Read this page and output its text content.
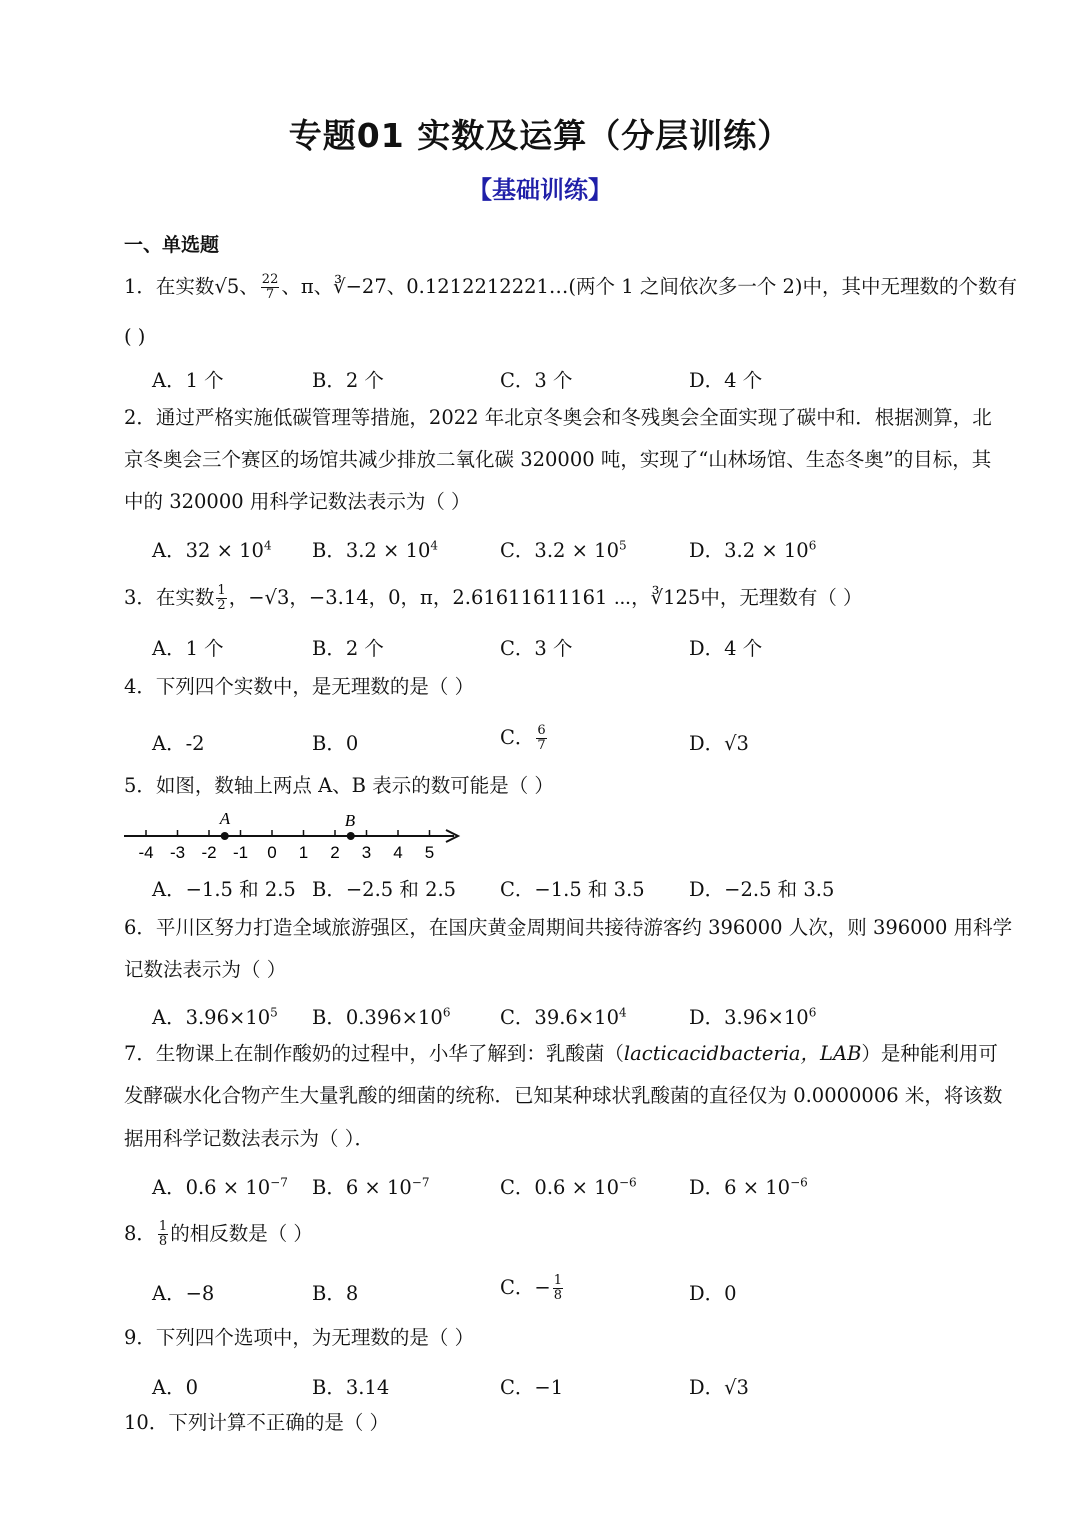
专题01 实数及运算（分层训练）
【基础训练】
一、单选题
1．在实数√5、 $\frac{22}{7}$ 、π、∛−27、0.1212212221…(两个 1 之间依次多一个 2)中，其中无理数的个数有
( )
A．1 个	B．2 个	C．3 个	D．4 个
2．通过严格实施低碳管理等措施，2022 年北京冬奥会和冬残奥会全面实现了碳中和．根据测算，北
京冬奥会三个赛区的场馆共减少排放二氧化碳 320000 吨，实现了“山林场馆、生态冬奥”的目标，其
中的 320000 用科学记数法表示为（ ）
A．$32 \times 10^4$ B．$3.2 \times 10^4$	C．$3.2 \times 10^5$	D．$3.2 \times 10^6$
3．在实数 $\frac{1}{2}$ ，−√3，−3.14，0，π，2.61611611161 ⋯，∛125中，无理数有（ ）
A．1 个	B．2 个	C．3 个	D．4 个
4．下列四个实数中，是无理数的是（ ）
A．-2	B．0	C． $\frac{6}{7}$	D．√3
5．如图，数轴上两点 A、B 表示的数可能是（ ）
-4 -3 -2 -1 0 1 2 3 4 5
A	B
A．−1.5 和 2.5 B．−2.5 和 2.5 C．−1.5 和 3.5 D．−2.5 和 3.5
6．平川区努力打造全域旅游强区，在国庆黄金周期间共接待游客约 396000 人次，则 396000 用科学
记数法表示为（ ）
A．$3.96\times 10^5$ B．$0.396\times 10^6$	C．$39.6\times 10^4$	D．$3.96\times 10^6$
7．生物课上在制作酸奶的过程中，小华了解到：乳酸菌（lacticacidbacteria，LAB）是种能利用可
发酵碳水化合物产生大量乳酸的细菌的统称．已知某种球状乳酸菌的直径仅为 0.0000006 米，将该数
据用科学记数法表示为（ ）．
A．$0.6 \times 10^{-7}$ B．$6 \times 10^{-7}$	C．$0.6 \times 10^{-6}$	D．$6 \times 10^{-6}$
8． $\frac{1}{8}$ 的相反数是（ ）
A．−8	B．8	C．− $\frac{1}{8}$	D．0
9．下列四个选项中，为无理数的是（ ）
A．0	B．3.14	C．−1	D．√3
10．下列计算不正确的是（ ）
